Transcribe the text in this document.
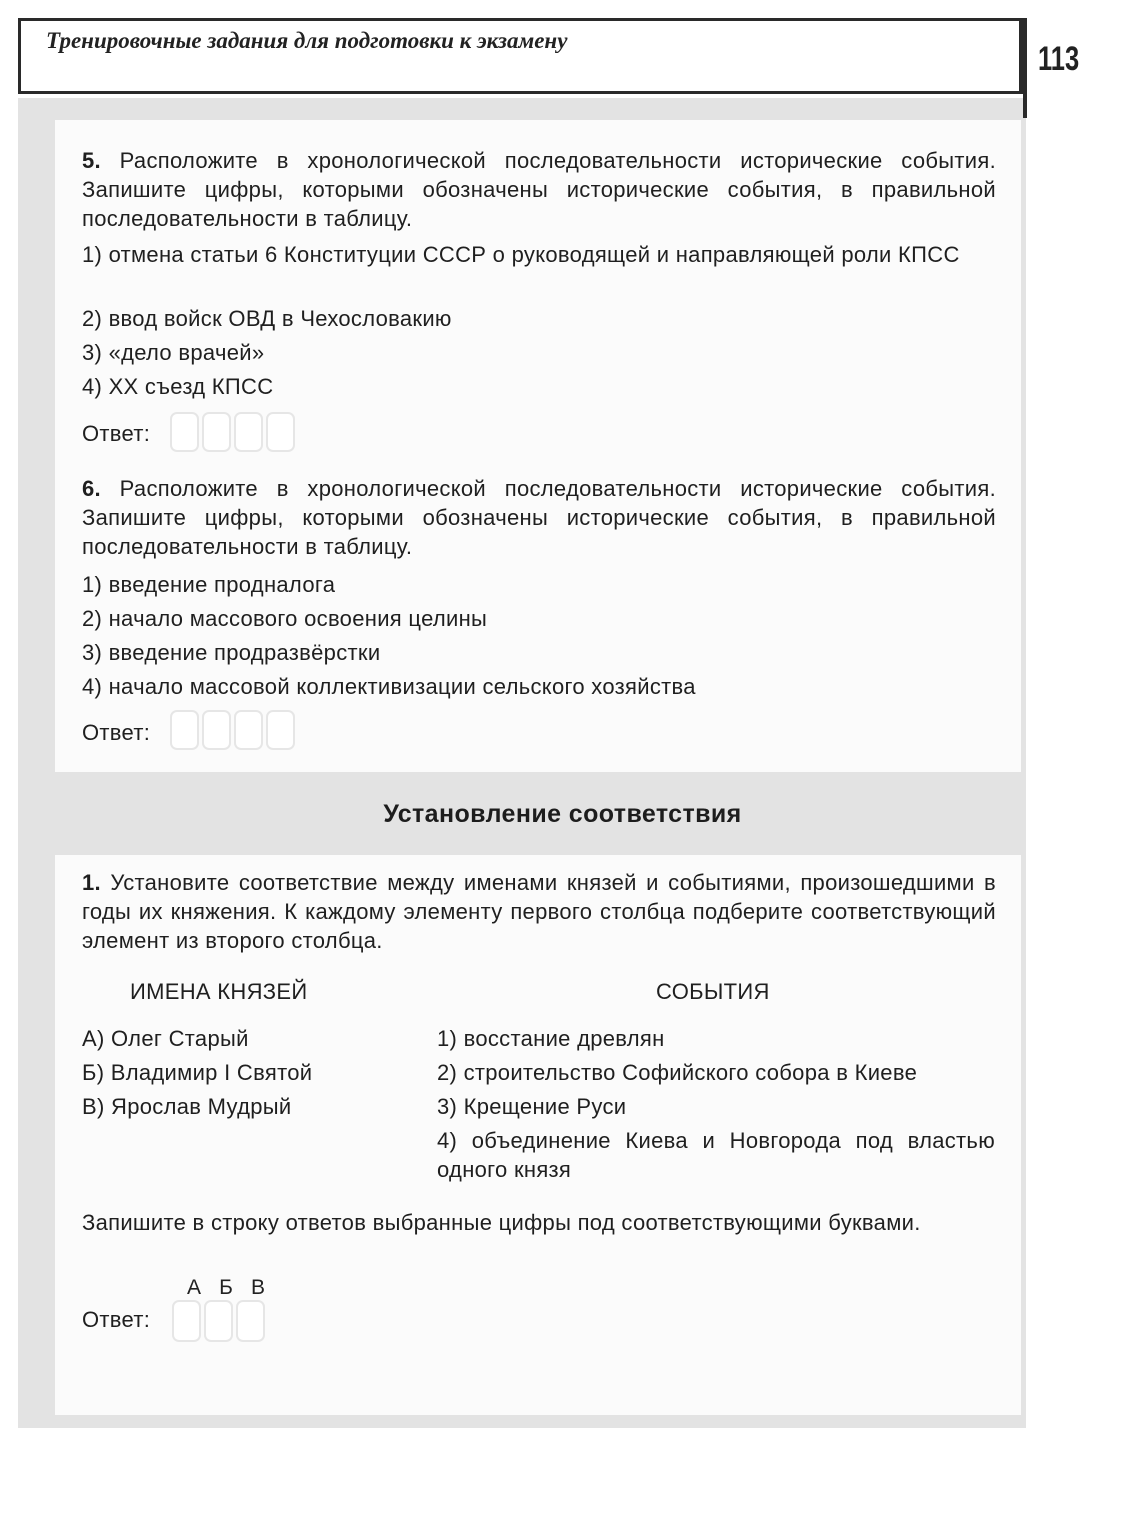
Тренировочные задания для подготовки к экзамену	113
5. Расположите в хронологической последовательности исторические события. Запишите цифры, которыми обозначены исторические события, в правильной последовательности в таблицу.
1) отмена статьи 6 Конституции СССР о руководящей и направляющей роли КПСС
2) ввод войск ОВД в Чехословакию
3) «дело врачей»
4) XX съезд КПСС
Ответ:
6. Расположите в хронологической последовательности исторические события. Запишите цифры, которыми обозначены исторические события, в правильной последовательности в таблицу.
1) введение продналога
2) начало массового освоения целины
3) введение продразвёрстки
4) начало массовой коллективизации сельского хозяйства
Ответ:
Установление соответствия
1. Установите соответствие между именами князей и событиями, произошедшими в годы их княжения. К каждому элементу первого столбца подберите соответствующий элемент из второго столбца.
ИМЕНА КНЯЗЕЙ	СОБЫТИЯ
А) Олег Старый
Б) Владимир I Святой
В) Ярослав Мудрый
1) восстание древлян
2) строительство Софийского собора в Киеве
3) Крещение Руси
4) объединение Киева и Новгорода под властью одного князя
Запишите в строку ответов выбранные цифры под соответствующими буквами.
А Б В
Ответ:
